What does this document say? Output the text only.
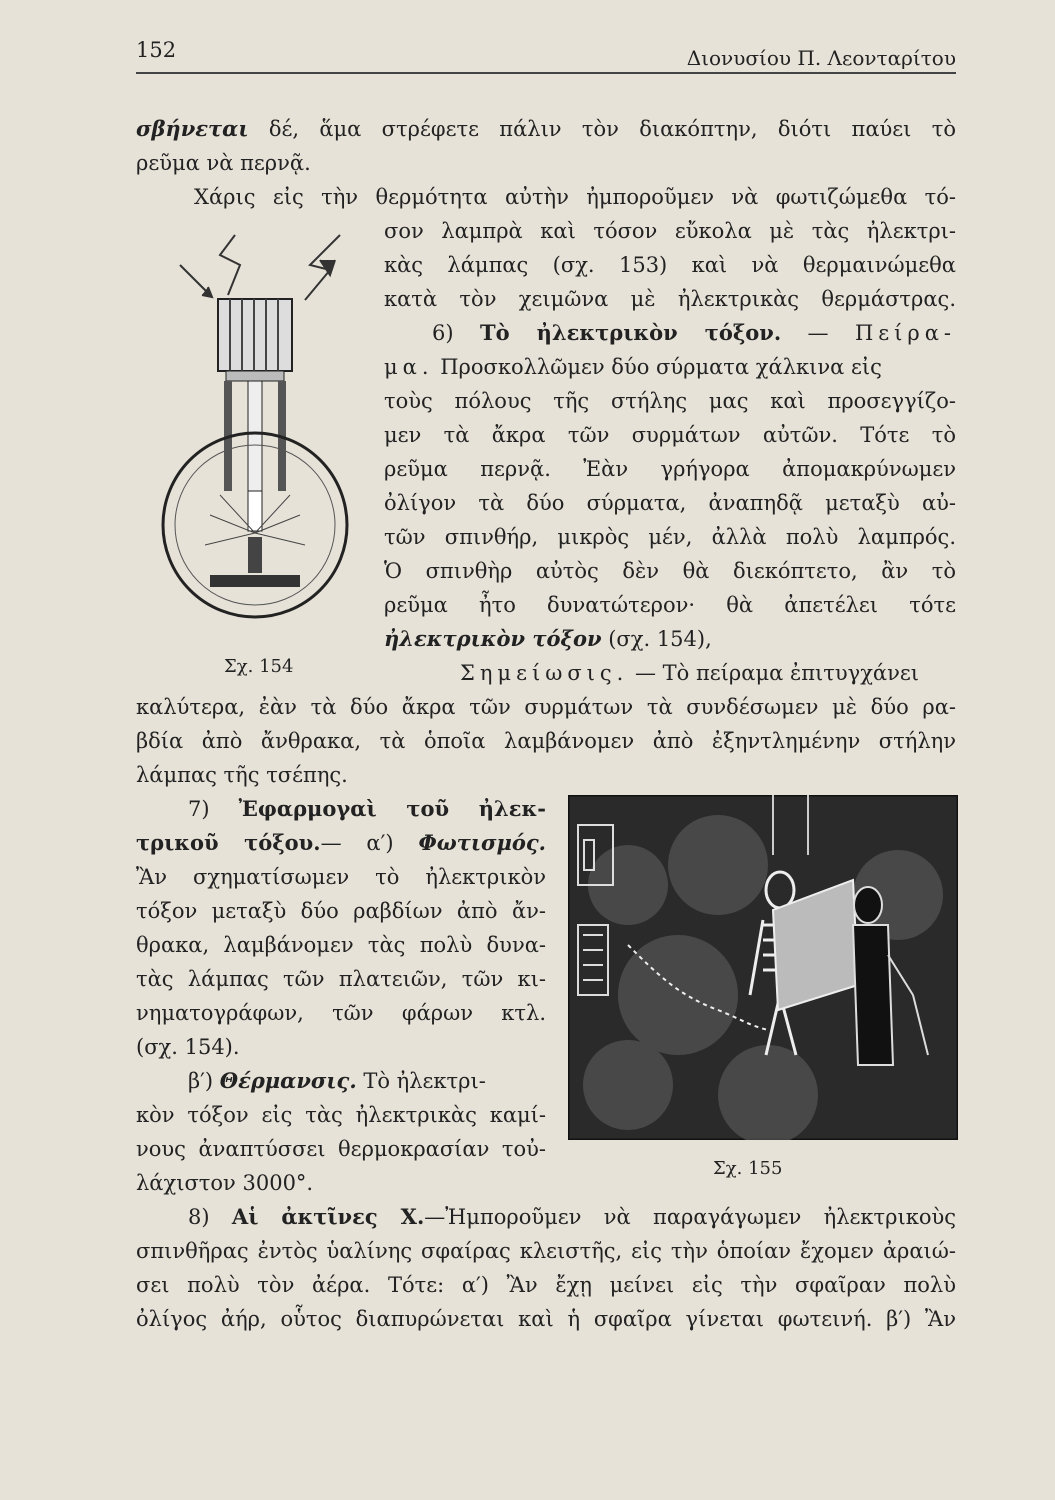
152	Διονυσίου Π. Λεονταρίτου
σβήνεται δέ, ἅμα στρέφετε πάλιν τὸν διακόπτην, διότι παύει τὸ
ρεῦμα νὰ περνᾷ.
Χάρις εἰς τὴν θερμότητα αὐτὴν ἠμποροῦμεν νὰ φωτιζώμεθα τό-
σον λαμπρὰ καὶ τόσον εὔκολα μὲ τὰς ἠλεκτρι-
κὰς λάμπας (σχ. 153) καὶ νὰ θερμαινώμεθα
κατὰ τὸν χειμῶνα μὲ ἠλεκτρικὰς θερμάστρας.
6) Τὸ ἠλεκτρικὸν τόξον. — Πείρα-
μα. Προσκολλῶμεν δύο σύρματα χάλκινα εἰς
τοὺς πόλους τῆς στήλης μας καὶ προσεγγίζο-
μεν τὰ ἄκρα τῶν συρμάτων αὐτῶν. Τότε τὸ
ρεῦμα περνᾷ. Ἐὰν γρήγορα ἀπομακρύνωμεν
ὀλίγον τὰ δύο σύρματα, ἀναπηδᾷ μεταξὺ αὐ-
τῶν σπινθήρ, μικρὸς μέν, ἀλλὰ πολὺ λαμπρός.
Ὁ σπινθὴρ αὐτὸς δὲν θὰ διεκόπτετο, ἂν τὸ
ρεῦμα ἦτο δυνατώτερον· θὰ ἀπετέλει τότε
ἠλεκτρικὸν τόξον (σχ. 154),
Σημείωσις. — Τὸ πείραμα ἐπιτυγχάνει
Σχ. 154
καλύτερα, ἐὰν τὰ δύο ἄκρα τῶν συρμάτων τὰ συνδέσωμεν μὲ δύο ρα-
βδία ἀπὸ ἄνθρακα, τὰ ὁποῖα λαμβάνομεν ἀπὸ ἐξηντλημένην στήλην
λάμπας τῆς τσέπης.
7) Ἐφαρμογαὶ τοῦ ἠλεκ-
τρικοῦ τόξου.— α′) Φωτισμός.
Ἂν σχηματίσωμεν τὸ ἠλεκτρικὸν
τόξον μεταξὺ δύο ραβδίων ἀπὸ ἄν-
θρακα, λαμβάνομεν τὰς πολὺ δυνα-
τὰς λάμπας τῶν πλατειῶν, τῶν κι-
νηματογράφων, τῶν φάρων κτλ.
(σχ. 154).
β′) Θέρμανσις. Τὸ ἠλεκτρι-
κὸν τόξον εἰς τὰς ἠλεκτρικὰς καμί-
νους ἀναπτύσσει θερμοκρασίαν τοὐ-
λάχιστον 3000°.
Σχ. 155
8) Αἱ ἀκτῖνες Χ.—Ἠμποροῦμεν νὰ παραγάγωμεν ἠλεκτρικοὺς
σπινθῆρας ἐντὸς ὑαλίνης σφαίρας κλειστῆς, εἰς τὴν ὁποίαν ἔχομεν ἀραιώ-
σει πολὺ τὸν ἀέρα. Τότε: α′) Ἂν ἔχῃ μείνει εἰς τὴν σφαῖραν πολὺ
ὀλίγος ἀήρ, οὗτος διαπυρώνεται καὶ ἡ σφαῖρα γίνεται φωτεινή. β′) Ἂν
